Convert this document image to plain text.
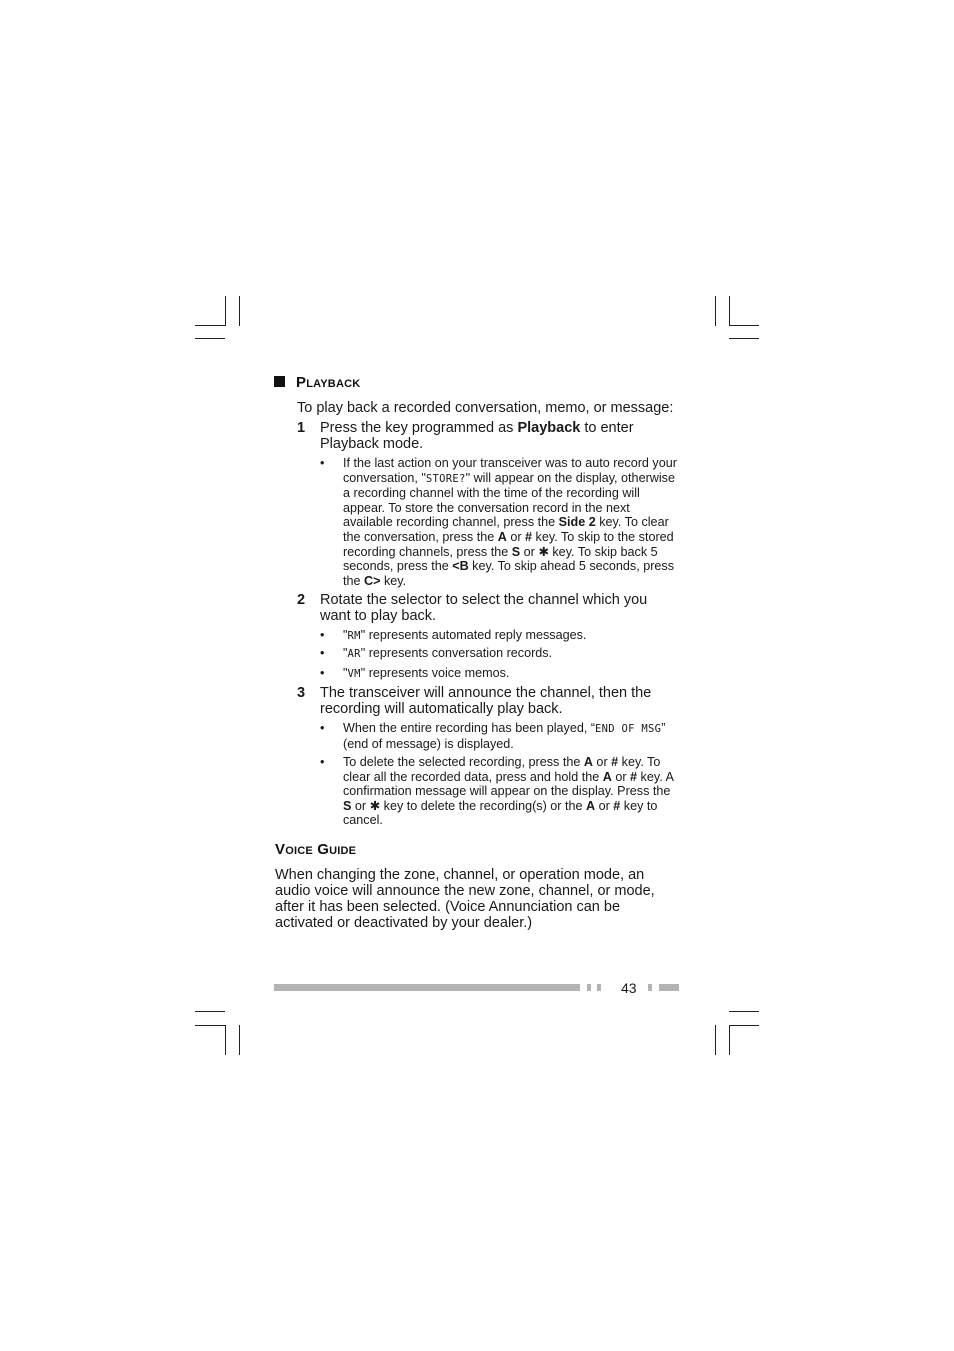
Playback
To play back a recorded conversation, memo, or message:
1 Press the key programmed as Playback to enter Playback mode.
• If the last action on your transceiver was to auto record your conversation, "STORE?" will appear on the display, otherwise a recording channel with the time of the recording will appear. To store the conversation record in the next available recording channel, press the Side 2 key. To clear the conversation, press the A or # key. To skip to the stored recording channels, press the S or ✱ key. To skip back 5 seconds, press the <B key. To skip ahead 5 seconds, press the C> key.
2 Rotate the selector to select the channel which you want to play back.
• "RM" represents automated reply messages.
• "AR" represents conversation records.
• "VM" represents voice memos.
3 The transceiver will announce the channel, then the recording will automatically play back.
• When the entire recording has been played, “END OF MSG” (end of message) is displayed.
• To delete the selected recording, press the A or # key. To clear all the recorded data, press and hold the A or # key. A confirmation message will appear on the display. Press the S or ✱ key to delete the recording(s) or the A or # key to cancel.
Voice Guide
When changing the zone, channel, or operation mode, an audio voice will announce the new zone, channel, or mode, after it has been selected. (Voice Annunciation can be activated or deactivated by your dealer.)
43
